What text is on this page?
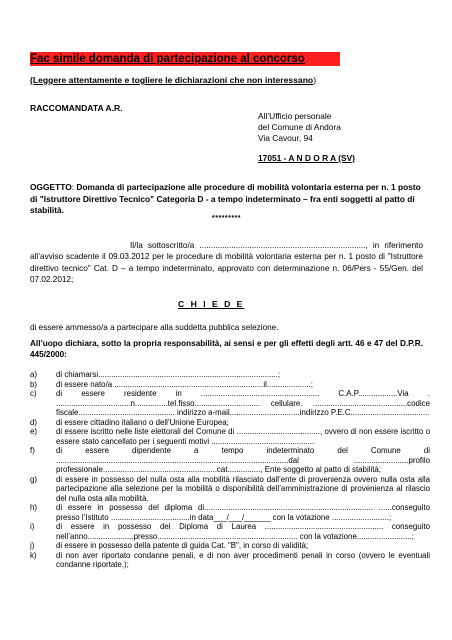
Fac simile domanda di partecipazione al concorso
(Leggere attentamente e togliere le dichiarazioni che non interessano)
RACCOMANDATA A.R.
All’Ufficio personale
del Comune di Andora
Via Cavour, 94
17051 - A N D O R A (SV)
OGGETTO: Domanda di partecipazione alle procedure di mobilità volontaria esterna per n. 1 posto di "Istruttore Direttivo Tecnico" Categoria D - a tempo indeterminato – fra enti soggetti al patto di stabilità.
*********
Il/la sottoscritto/a ........................................................................., in riferimento all’avviso scadente il 09.03.2012 per le procedure di mobilità volontaria esterna per n. 1 posto di "Istruttore direttivo tecnico" Cat. D – a tempo indeterminato, approvato con determinazione n. 06/Pers - 55/Gen. del 07.02.2012;
C H I E D E
di essere ammesso/a a partecipare alla suddetta pubblica selezione.
All’uopo dichiara, sotto la propria responsabilità, ai sensi e per gli effetti degli artt. 46 e 47 del D.P.R. 445/2000:
a)	di chiamarsi..................................................................................;
b)	di essere nato/a ....................................................................il....................;
c)	di essere residente in ...................................................... C.A.P..................Via . ..................................n...............tel.fisso.............................. cellulare. ...........................................codice fiscale............................................ indirizzo a-mail................................indirizzo P.E.C....................................
d)	di essere cittadino italiano o dell’Unione Europea;
e)	di essere iscritto nelle liste elettorali del Comune di ......................................, ovvero di non essere iscritto o essere stato cancellato per i seguenti motivi ...............................................
f)	di essere dipendente a tempo indeterminato del Comune di ..........................................................................................................dal .........................profilo professionale....................................................cat..............., Ente soggetto al patto di stabilità;
g)	di essere in possesso del nulla osta alla mobilità rilasciato dall’ente di provenienza ovvero nulla osta alla partecipazione alla selezione per la mobilità o disponibilità dell’amministrazione di provenienza al rilascio del nulla osta alla mobilità.
h)	di essere in possesso del diploma di............................................................................. ......conseguito presso l’Istituto ....................................in data___/___/______ con la votazione ..........................;
i)	di essere in possesso del Diploma di Laurea ...................................................... conseguito nell’anno.....................presso................................................................ con la votazione.........................;
j)	di essere in possesso della patente di guida Cat. "B", in corso di validità;
k)	di non aver riportato condanne penali, e di non aver procedimenti penali in corso (ovvero le eventuali condanne riportate.);
